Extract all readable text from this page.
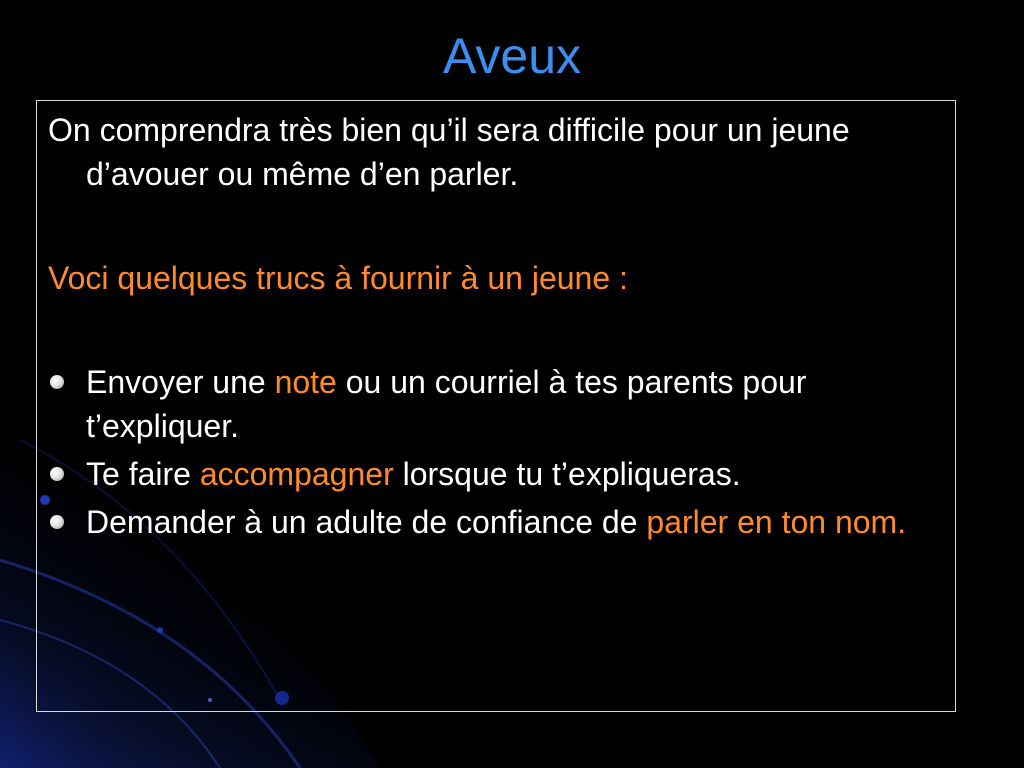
Aveux
On comprendra très bien qu’il sera difficile pour un jeune d’avouer ou même d’en parler.
Voci quelques trucs à fournir à un jeune :
Envoyer une note ou un courriel à tes parents pour t’expliquer.
Te faire accompagner lorsque tu t’expliqueras.
Demander à un adulte de confiance de parler en ton nom.
